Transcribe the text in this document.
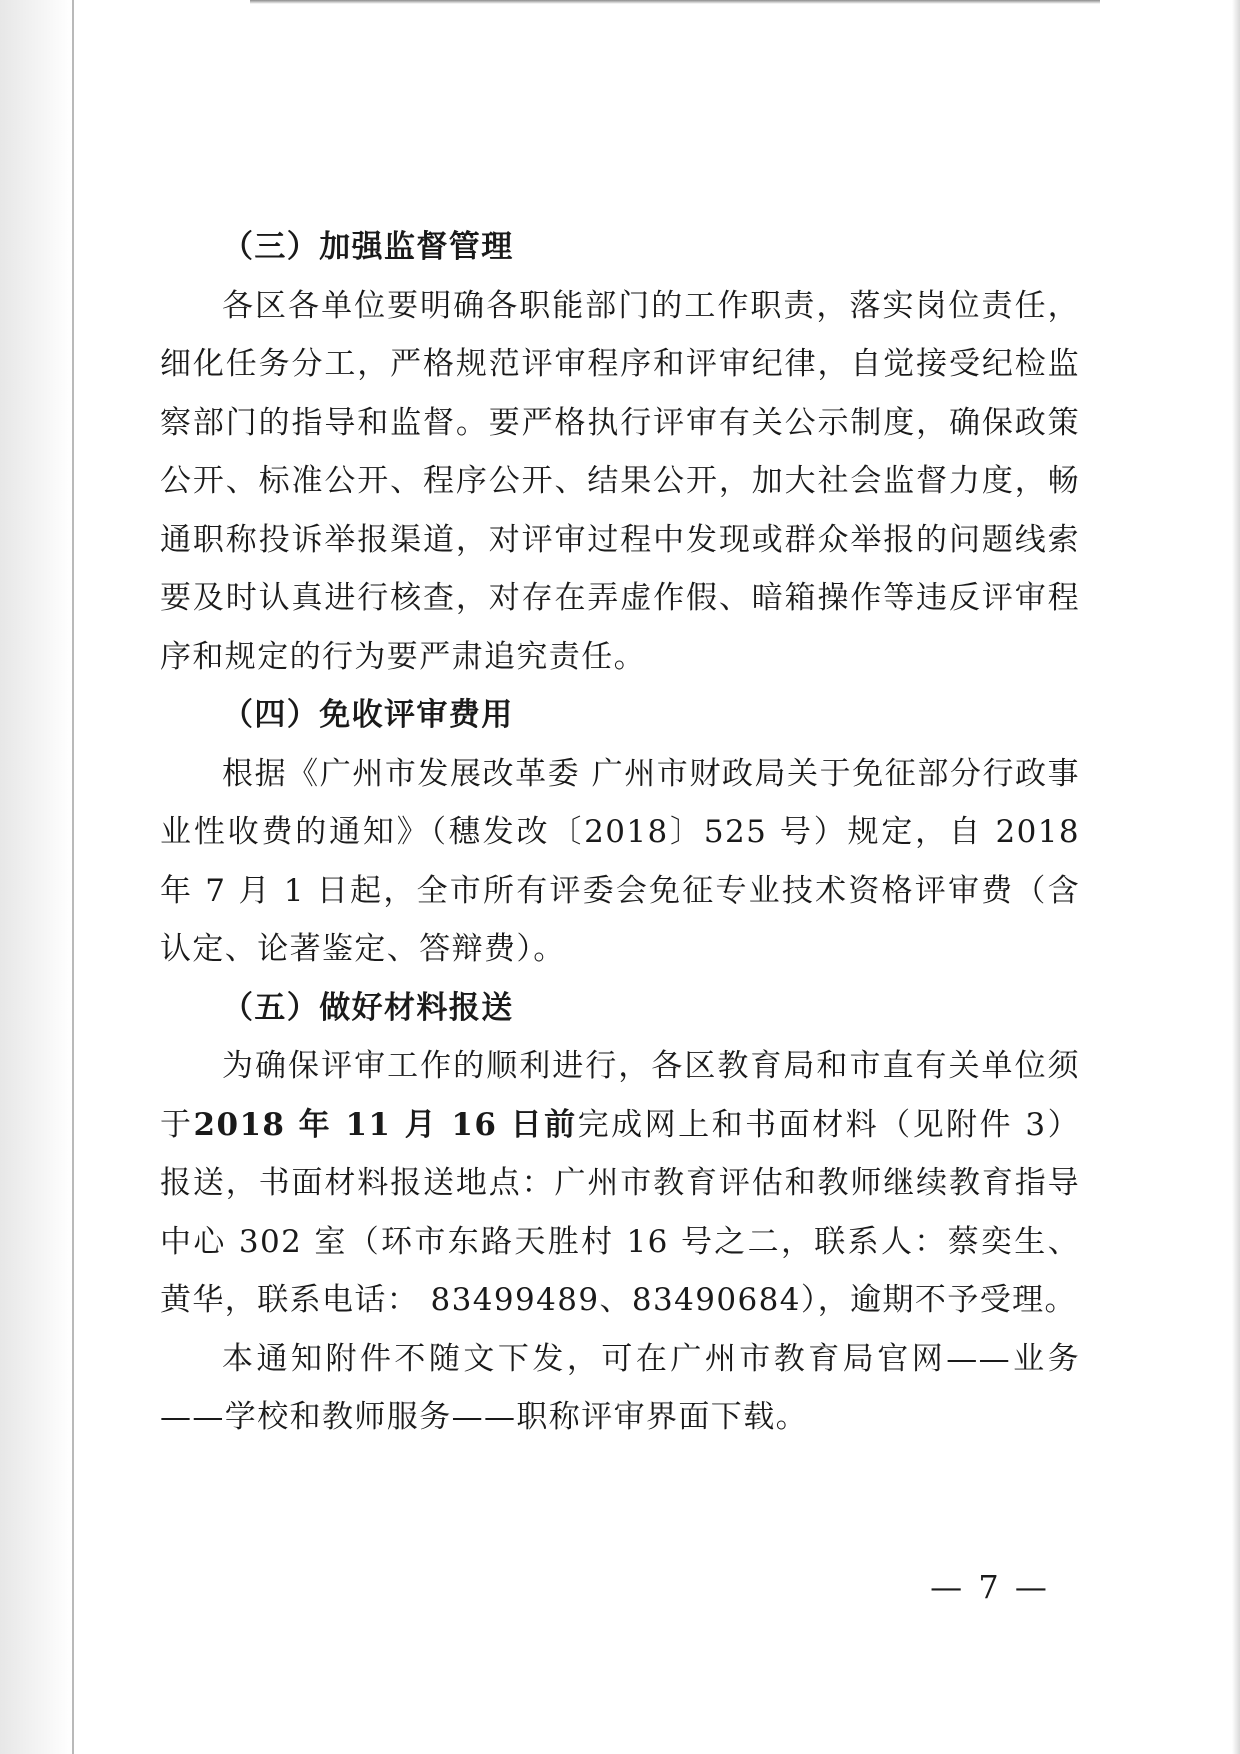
（三）加强监督管理

各区各单位要明确各职能部门的工作职责，落实岗位责任，细化任务分工，严格规范评审程序和评审纪律，自觉接受纪检监察部门的指导和监督。要严格执行评审有关公示制度，确保政策公开、标准公开、程序公开、结果公开，加大社会监督力度，畅通职称投诉举报渠道，对评审过程中发现或群众举报的问题线索要及时认真进行核查，对存在弄虚作假、暗箱操作等违反评审程序和规定的行为要严肃追究责任。

（四）免收评审费用

根据《广州市发展改革委 广州市财政局关于免征部分行政事业性收费的通知》（穗发改〔2018〕525 号）规定，自 2018 年 7 月 1 日起，全市所有评委会免征专业技术资格评审费（含认定、论著鉴定、答辩费）。

（五）做好材料报送

为确保评审工作的顺利进行，各区教育局和市直有关单位须于2018 年 11 月 16 日前完成网上和书面材料（见附件 3）报送，书面材料报送地点：广州市教育评估和教师继续教育指导中心 302 室（环市东路天胜村 16 号之二，联系人：蔡奕生、黄华，联系电话： 83499489、83490684），逾期不予受理。

本通知附件不随文下发，可在广州市教育局官网——业务——学校和教师服务——职称评审界面下载。

— 7 —
